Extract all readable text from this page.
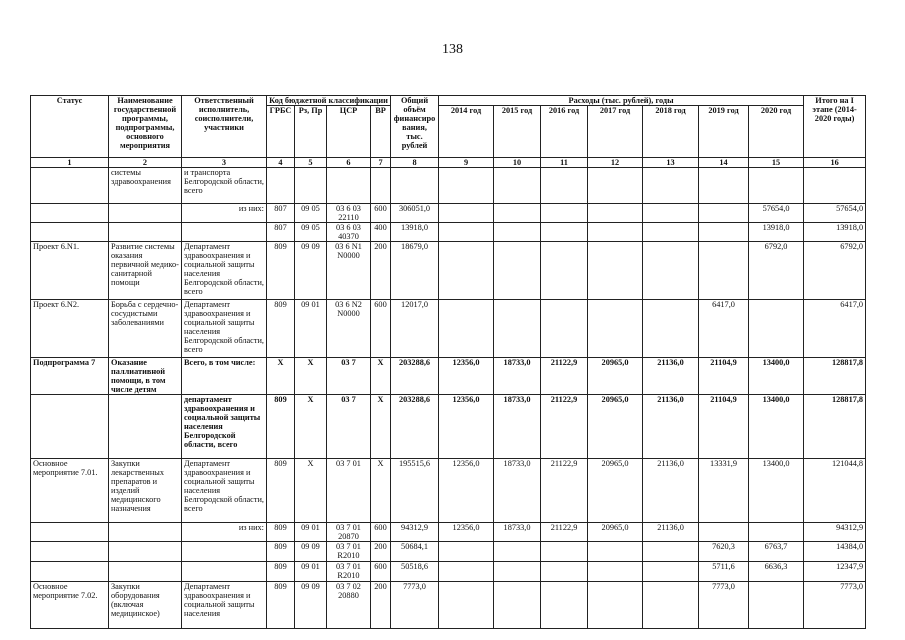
138
Статус	Наименование государственной программы, подпрограммы, основного мероприятия	Ответственный исполнитель, соисполнители, участники	Код бюджетной классификации				Общий объём финансиро вания, тыс. рублей	Расходы (тыс. рублей), годы							Итого на I этапе (2014-2020 годы)
			ГРБС	Рз, Пр	ЦСР	ВР		2014 год	2015 год	2016 год	2017 год	2018 год	2019 год	2020 год	
1	2	3	4	5	6	7	8	9	10	11	12	13	14	15	16
	системы здравоохранения	и транспорта Белгородской области, всего													
		из них:	807	09 05	03 6 03 22110	600	306051,0							57654,0	57654,0
			807	09 05	03 6 03 40370	400	13918,0							13918,0	13918,0
Проект 6.N1.	Развитие системы оказания первичной медико-санитарной помощи	Департамент здравоохранения и социальной защиты населения Белгородской области, всего	809	09 09	03 6 N1 N0000	200	18679,0							6792,0	6792,0
Проект 6.N2.	Борьба с сердечно-сосудистыми заболеваниями	Департамент здравоохранения и социальной защиты населения Белгородской области, всего	809	09 01	03 6 N2 N0000	600	12017,0						6417,0		6417,0
Подпрограмма 7	Оказание паллиативной помощи, в том числе детям	Всего, в том числе:	X	X	03 7	X	203288,6	12356,0	18733,0	21122,9	20965,0	21136,0	21104,9	13400,0	128817,8
		департамент здравоохранения и социальной защиты населения Белгородской области, всего	809	X	03 7	X	203288,6	12356,0	18733,0	21122,9	20965,0	21136,0	21104,9	13400,0	128817,8
Основное мероприятие 7.01.	Закупки лекарственных препаратов и изделий медицинского назначения	Департамент здравоохранения и социальной защиты населения Белгородской области, всего	809	X	03 7 01	X	195515,6	12356,0	18733,0	21122,9	20965,0	21136,0	13331,9	13400,0	121044,8
		из них:	809	09 01	03 7 01 20870	600	94312,9	12356,0	18733,0	21122,9	20965,0	21136,0			94312,9
			809	09 09	03 7 01 R2010	200	50684,1						7620,3	6763,7	14384,0
			809	09 01	03 7 01 R2010	600	50518,6						5711,6	6636,3	12347,9
Основное мероприятие 7.02.	Закупки оборудования (включая медицинское)	Департамент здравоохранения и социальной защиты населения	809	09 09	03 7 02 20880	200	7773,0						7773,0		7773,0
